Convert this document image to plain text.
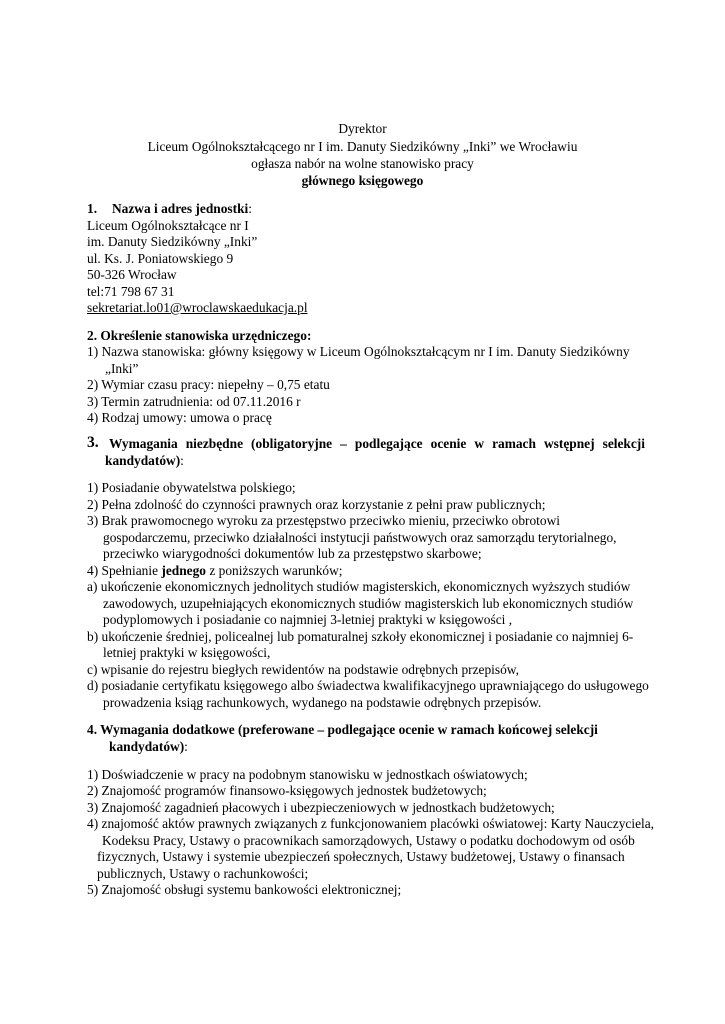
Dyrektor
Liceum Ogólnokształcącego nr I im. Danuty Siedzikówny „Inki” we Wrocławiu
ogłasza nabór na wolne stanowisko pracy
głównego księgowego
1. Nazwa i adres jednostki:
Liceum Ogólnokształcące nr I
im. Danuty Siedzikówny „Inki”
ul. Ks. J. Poniatowskiego 9
50-326 Wrocław
tel:71 798 67 31
sekretariat.lo01@wroclawskaedukacja.pl
2. Określenie stanowiska urzędniczego:
1) Nazwa stanowiska: główny księgowy w Liceum Ogólnokształcącym nr I im. Danuty Siedzikówny
„Inki”
2) Wymiar czasu pracy: niepełny – 0,75 etatu
3) Termin zatrudnienia: od 07.11.2016 r
4) Rodzaj umowy: umowa o pracę
3. Wymagania niezbędne (obligatoryjne – podlegające ocenie w ramach wstępnej selekcji
kandydatów):
1) Posiadanie obywatelstwa polskiego;
2) Pełna zdolność do czynności prawnych oraz korzystanie z pełni praw publicznych;
3) Brak prawomocnego wyroku za przestępstwo przeciwko mieniu, przeciwko obrotowi
gospodarczemu, przeciwko działalności instytucji państwowych oraz samorządu terytorialnego,
przeciwko wiarygodności dokumentów lub za przestępstwo skarbowe;
4) Spełnianie jednego z poniższych warunków;
a) ukończenie ekonomicznych jednolitych studiów magisterskich, ekonomicznych wyższych studiów
zawodowych, uzupełniających ekonomicznych studiów magisterskich lub ekonomicznych studiów
podyplomowych i posiadanie co najmniej 3-letniej praktyki w księgowości ,
b) ukończenie średniej, policealnej lub pomaturalnej szkoły ekonomicznej i posiadanie co najmniej 6-
letniej praktyki w księgowości,
c) wpisanie do rejestru biegłych rewidentów na podstawie odrębnych przepisów,
d) posiadanie certyfikatu księgowego albo świadectwa kwalifikacyjnego uprawniającego do usługowego
prowadzenia ksiąg rachunkowych, wydanego na podstawie odrębnych przepisów.
4. Wymagania dodatkowe (preferowane – podlegające ocenie w ramach końcowej selekcji
kandydatów):
1) Doświadczenie w pracy na podobnym stanowisku w jednostkach oświatowych;
2) Znajomość programów finansowo-księgowych jednostek budżetowych;
3) Znajomość zagadnień płacowych i ubezpieczeniowych w jednostkach budżetowych;
4) znajomość aktów prawnych związanych z funkcjonowaniem placówki oświatowej: Karty Nauczyciela,
Kodeksu Pracy, Ustawy o pracownikach samorządowych, Ustawy o podatku dochodowym od osób
fizycznych, Ustawy i systemie ubezpieczeń społecznych, Ustawy budżetowej, Ustawy o finansach
publicznych, Ustawy o rachunkowości;
5) Znajomość obsługi systemu bankowości elektronicznej;
